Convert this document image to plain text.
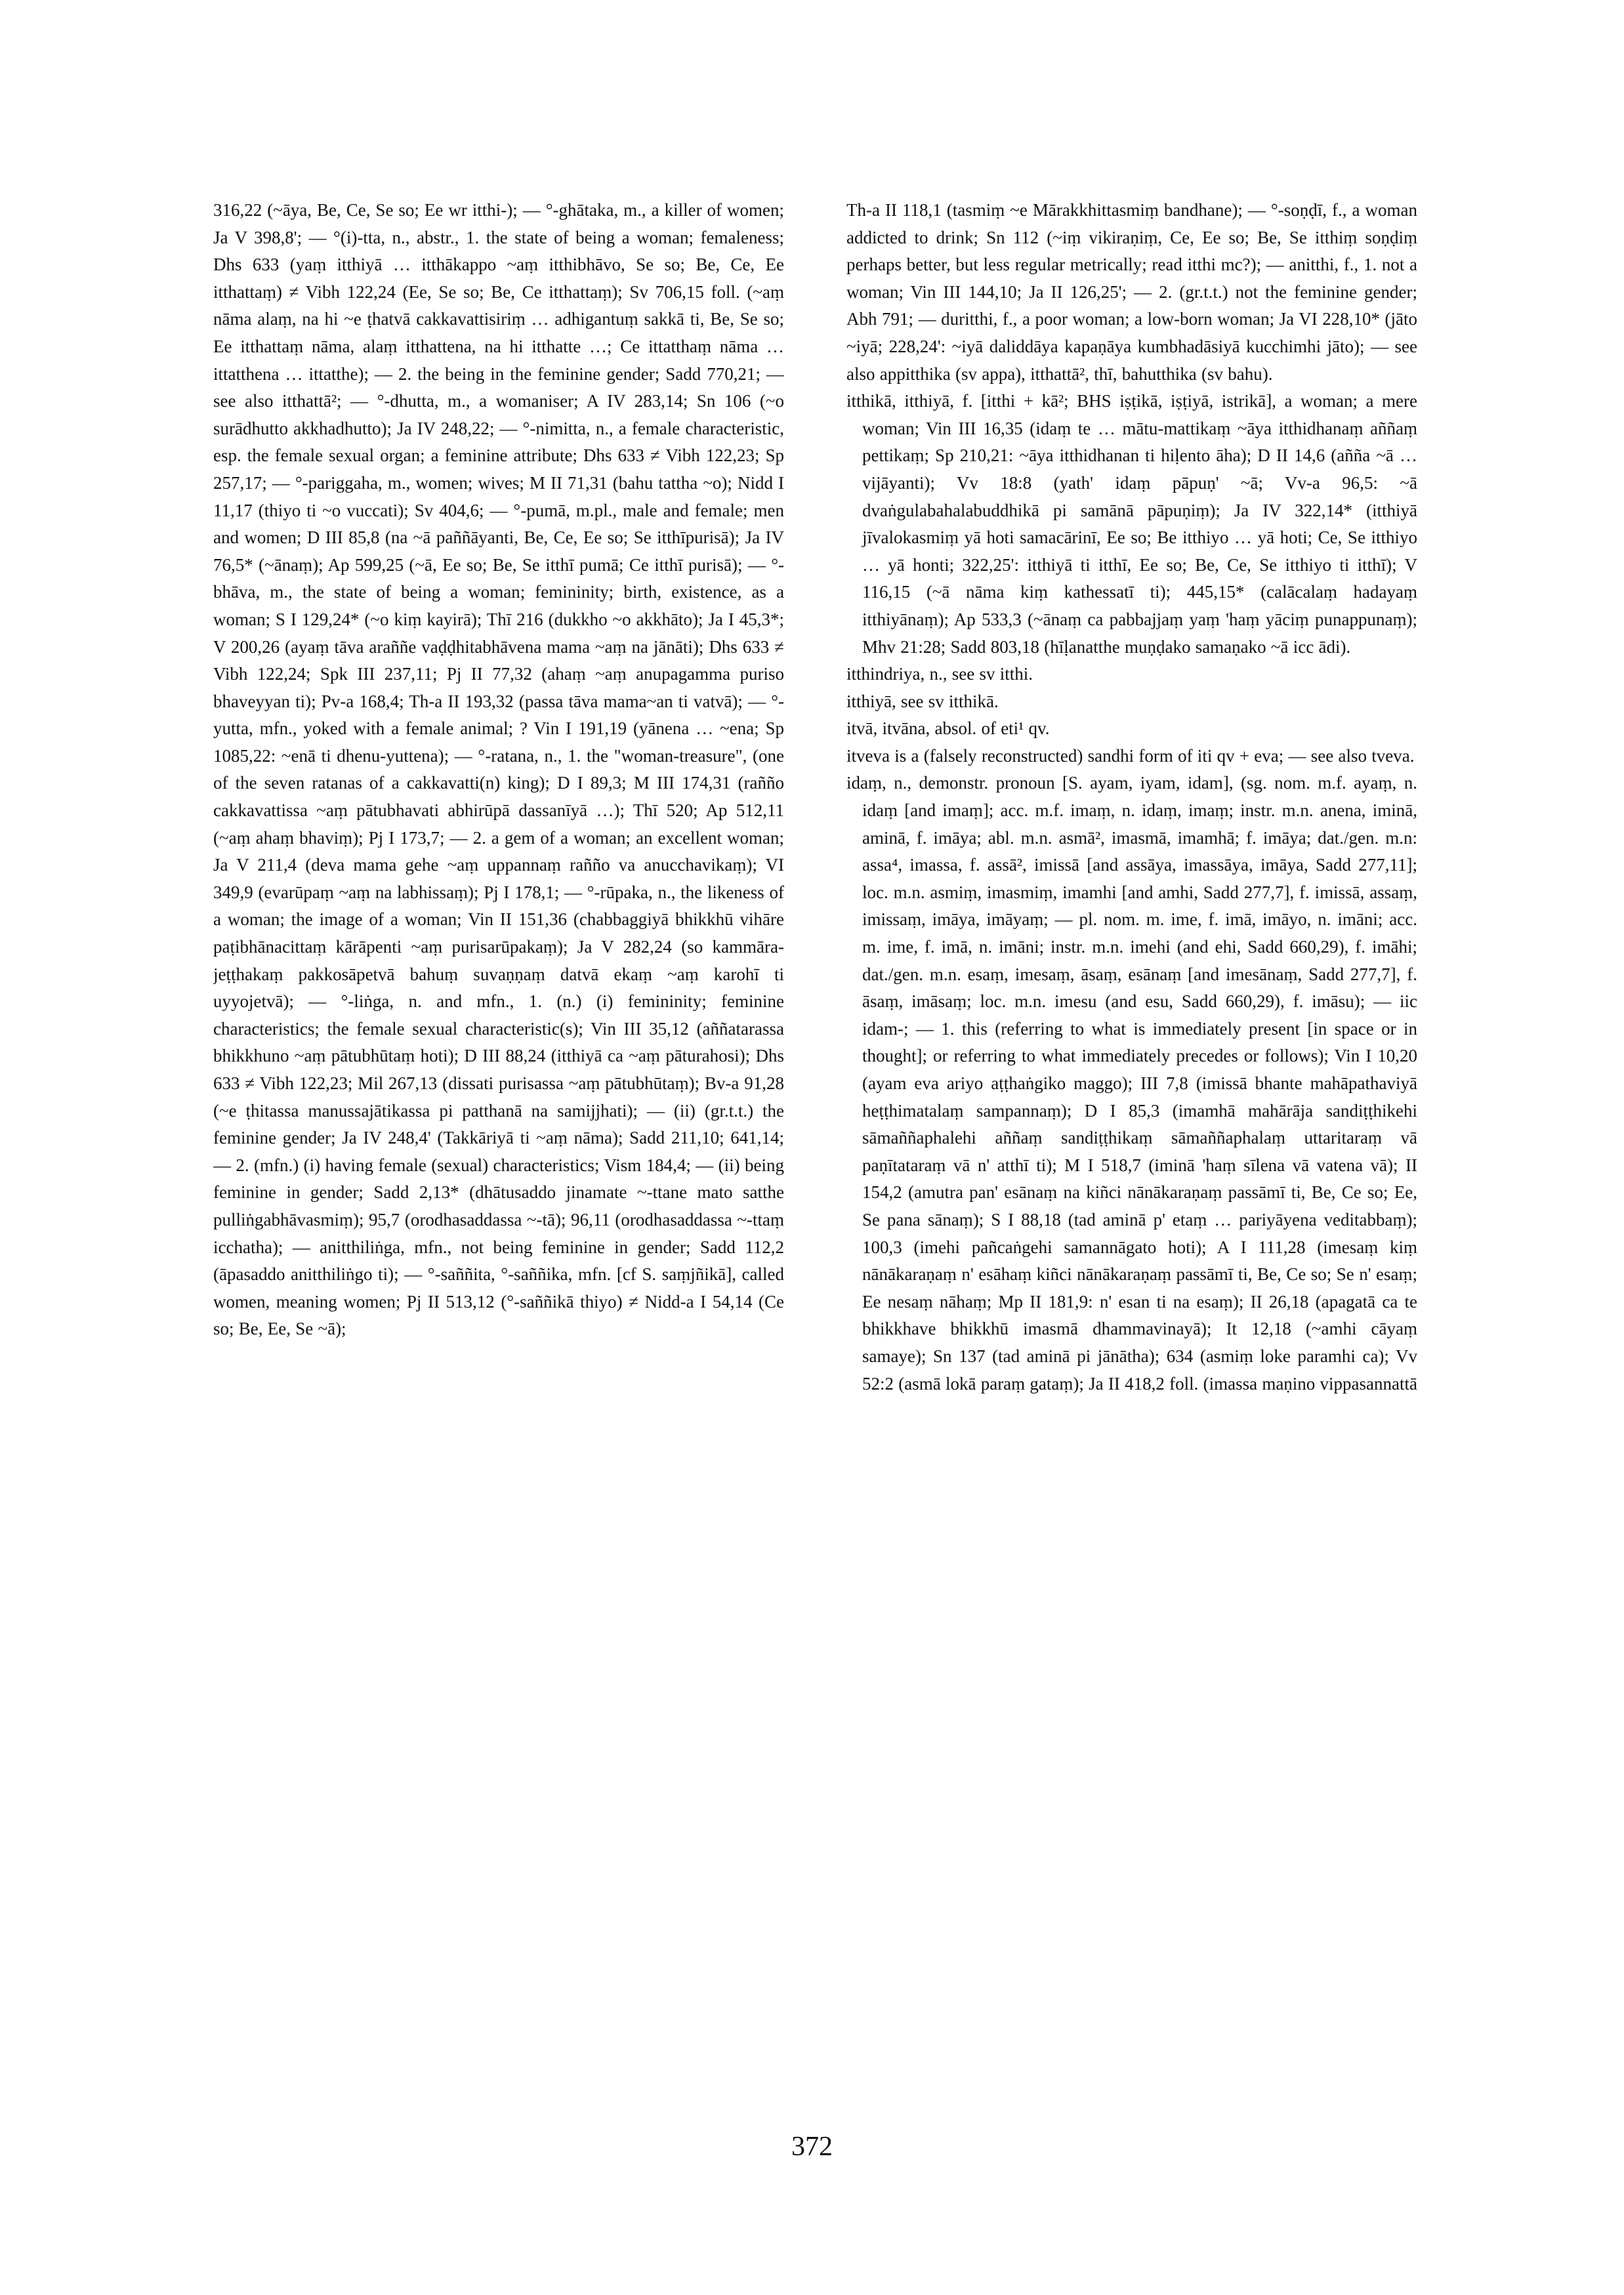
316,22 (~āya, Be, Ce, Se so; Ee wr itthi-); — °-ghātaka, m., a killer of women; Ja V 398,8'; — °(i)-tta, n., abstr., 1. the state of being a woman; femaleness; Dhs 633 (yaṃ itthiyā … itthākappo ~aṃ itthibhāvo, Se so; Be, Ce, Ee itthattaṃ) ≠ Vibh 122,24 (Ee, Se so; Be, Ce itthattaṃ); Sv 706,15 foll. (~aṃ nāma alaṃ, na hi ~e ṭhatvā cakkavattisiriṃ … adhigantuṃ sakkā ti, Be, Se so; Ee itthattaṃ nāma, alaṃ itthattena, na hi itthatte …; Ce ittatthaṃ nāma … ittatthena … ittatthe); — 2. the being in the feminine gender; Sadd 770,21; — see also itthattā²; — °-dhutta, m., a womaniser; A IV 283,14; Sn 106 (~o surādhutto akkhadhutto); Ja IV 248,22; — °-nimitta, n., a female characteristic, esp. the female sexual organ; a feminine attribute; Dhs 633 ≠ Vibh 122,23; Sp 257,17; — °-pariggaha, m., women; wives; M II 71,31 (bahu tattha ~o); Nidd I 11,17 (thiyo ti ~o vuccati); Sv 404,6; — °-pumā, m.pl., male and female; men and women; D III 85,8 (na ~ā paññāyanti, Be, Ce, Ee so; Se itthīpurisā); Ja IV 76,5* (~ānaṃ); Ap 599,25 (~ā, Ee so; Be, Se itthī pumā; Ce itthī purisā); — °-bhāva, m., the state of being a woman; femininity; birth, existence, as a woman; S I 129,24* (~o kiṃ kayirā); Thī 216 (dukkho ~o akkhāto); Ja I 45,3*; V 200,26 (ayaṃ tāva araññe vaḍḍhitabhāvena mama ~aṃ na jānāti); Dhs 633 ≠ Vibh 122,24; Spk III 237,11; Pj II 77,32 (ahaṃ ~aṃ anupagamma puriso bhaveyyan ti); Pv-a 168,4; Th-a II 193,32 (passa tāva mama~an ti vatvā); — °-yutta, mfn., yoked with a female animal; ? Vin I 191,19 (yānena … ~ena; Sp 1085,22: ~enā ti dhenu-yuttena); — °-ratana, n., 1. the "woman-treasure", (one of the seven ratanas of a cakkavatti(n) king); D I 89,3; M III 174,31 (rañño cakkavattissa ~aṃ pātubhavati abhirūpā dassanīyā …); Thī 520; Ap 512,11 (~aṃ ahaṃ bhaviṃ); Pj I 173,7; — 2. a gem of a woman; an excellent woman; Ja V 211,4 (deva mama gehe ~aṃ uppannaṃ rañño va anucchavikaṃ); VI 349,9 (evarūpaṃ ~aṃ na labhissaṃ); Pj I 178,1; — °-rūpaka, n., the likeness of a woman; the image of a woman; Vin II 151,36 (chabbaggiyā bhikkhū vihāre paṭibhānacittaṃ kārāpenti ~aṃ purisarūpakaṃ); Ja V 282,24 (so kammāra-jeṭṭhakaṃ pakkosāpetvā bahuṃ suvaṇṇaṃ datvā ekaṃ ~aṃ karohī ti uyyojetvā); — °-liṅga, n. and mfn., 1. (n.) (i) femininity; feminine characteristics; the female sexual characteristic(s); Vin III 35,12 (aññatarassa bhikkhuno ~aṃ pātubhūtaṃ hoti); D III 88,24 (itthiyā ca ~aṃ pāturahosi); Dhs 633 ≠ Vibh 122,23; Mil 267,13 (dissati purisassa ~aṃ pātubhūtaṃ); Bv-a 91,28 (~e ṭhitassa manussajātikassa pi patthanā na samijjhati); — (ii) (gr.t.t.) the feminine gender; Ja IV 248,4' (Takkāriyā ti ~aṃ nāma); Sadd 211,10; 641,14; — 2. (mfn.) (i) having female (sexual) characteristics; Vism 184,4; — (ii) being feminine in gender; Sadd 2,13* (dhātusaddo jinamate ~-ttane mato satthe pulliṅgabhāvasmiṃ); 95,7 (orodhasaddassa ~-tā); 96,11 (orodhasaddassa ~-ttaṃ icchatha); — anitthiliṅga, mfn., not being feminine in gender; Sadd 112,2 (āpasaddo anitthiliṅgo ti); — °-saññita, °-saññika, mfn. [cf S. saṃjñikā], called women, meaning women; Pj II 513,12 (°-saññikā thiyo) ≠ Nidd-a I 54,14 (Ce so; Be, Ee, Se ~ā);

Th-a II 118,1 (tasmiṃ ~e Mārakkhittasmiṃ bandhane); — °-soṇḍī, f., a woman addicted to drink; Sn 112 (~iṃ vikiraṇiṃ, Ce, Ee so; Be, Se itthiṃ soṇḍiṃ perhaps better, but less regular metrically; read itthi mc?); — anitthi, f., 1. not a woman; Vin III 144,10; Ja II 126,25'; — 2. (gr.t.t.) not the feminine gender; Abh 791; — duritthi, f., a poor woman; a low-born woman; Ja VI 228,10* (jāto ~iyā; 228,24': ~iyā daliddāya kapaṇāya kumbhadāsiyā kucchimhi jāto); — see also appitthika (sv appa), itthattā², thī, bahutthika (sv bahu).

itthikā, itthiyā, f. [itthi + kā²; BHS iṣṭikā, iṣṭiyā, istrikā], a woman; a mere woman; Vin III 16,35 (idaṃ te … mātu-mattikaṃ ~āya itthidhanaṃ aññaṃ pettikaṃ; Sp 210,21: ~āya itthidhanan ti hiḷento āha); D II 14,6 (añña ~ā … vijāyanti); Vv 18:8 (yath' idaṃ pāpuṇ' ~ā; Vv-a 96,5: ~ā dvaṅgulabahalabuddhikā pi samānā pāpuṇiṃ); Ja IV 322,14* (itthiyā jīvalokasmiṃ yā hoti samacārinī, Ee so; Be itthiyo … yā hoti; Ce, Se itthiyo … yā honti; 322,25': itthiyā ti itthī, Ee so; Be, Ce, Se itthiyo ti itthī); V 116,15 (~ā nāma kiṃ kathessatī ti); 445,15* (calācalaṃ hadayaṃ itthiyānaṃ); Ap 533,3 (~ānaṃ ca pabbajjaṃ yaṃ 'haṃ yāciṃ punappunaṃ); Mhv 21:28; Sadd 803,18 (hīḷanatthe muṇḍako samaṇako ~ā icc ādi).

itthindriya, n., see sv itthi.

itthiyā, see sv itthikā.

itvā, itvāna, absol. of eti¹ qv.

itveva is a (falsely reconstructed) sandhi form of iti qv + eva; — see also tveva.

idaṃ, n., demonstr. pronoun [S. ayam, iyam, idam], (sg. nom. m.f. ayaṃ, n. idaṃ [and imaṃ]; acc. m.f. imaṃ, n. idaṃ, imaṃ; instr. m.n. anena, iminā, aminā, f. imāya; abl. m.n. asmā², imasmā, imamhā; f. imāya; dat./gen. m.n: assa⁴, imassa, f. assā², imissā [and assāya, imassāya, imāya, Sadd 277,11]; loc. m.n. asmiṃ, imasmiṃ, imamhi [and amhi, Sadd 277,7], f. imissā, assaṃ, imissaṃ, imāya, imāyaṃ; — pl. nom. m. ime, f. imā, imāyo, n. imāni; acc. m. ime, f. imā, n. imāni; instr. m.n. imehi (and ehi, Sadd 660,29), f. imāhi; dat./gen. m.n. esaṃ, imesaṃ, āsaṃ, esānaṃ [and imesānaṃ, Sadd 277,7], f. āsaṃ, imāsaṃ; loc. m.n. imesu (and esu, Sadd 660,29), f. imāsu); — iic idam-; — 1. this (referring to what is immediately present [in space or in thought]; or referring to what immediately precedes or follows); Vin I 10,20 (ayam eva ariyo aṭṭhaṅgiko maggo); III 7,8 (imissā bhante mahāpathaviyā heṭṭhimatalaṃ sampannaṃ); D I 85,3 (imamhā mahārāja sandiṭṭhikehi sāmaññaphalehi aññaṃ sandiṭṭhikaṃ sāmaññaphalaṃ uttaritaraṃ vā paṇītataraṃ vā n' atthī ti); M I 518,7 (iminā 'haṃ sīlena vā vatena vā); II 154,2 (amutra pan' esānaṃ na kiñci nānākaraṇaṃ passāmī ti, Be, Ce so; Ee, Se pana sānaṃ); S I 88,18 (tad aminā p' etaṃ … pariyāyena veditabbaṃ); 100,3 (imehi pañcaṅgehi samannāgato hoti); A I 111,28 (imesaṃ kiṃ nānākaraṇaṃ n' esāhaṃ kiñci nānākaraṇaṃ passāmī ti, Be, Ce so; Se n' esaṃ; Ee nesaṃ nāhaṃ; Mp II 181,9: n' esan ti na esaṃ); II 26,18 (apagatā ca te bhikkhave bhikkhū imasmā dhammavinayā); It 12,18 (~amhi cāyaṃ samaye); Sn 137 (tad aminā pi jānātha); 634 (asmiṃ loke paramhi ca); Vv 52:2 (asmā lokā paraṃ gataṃ); Ja II 418,2 foll. (imassa maṇino vippasannattā

372
